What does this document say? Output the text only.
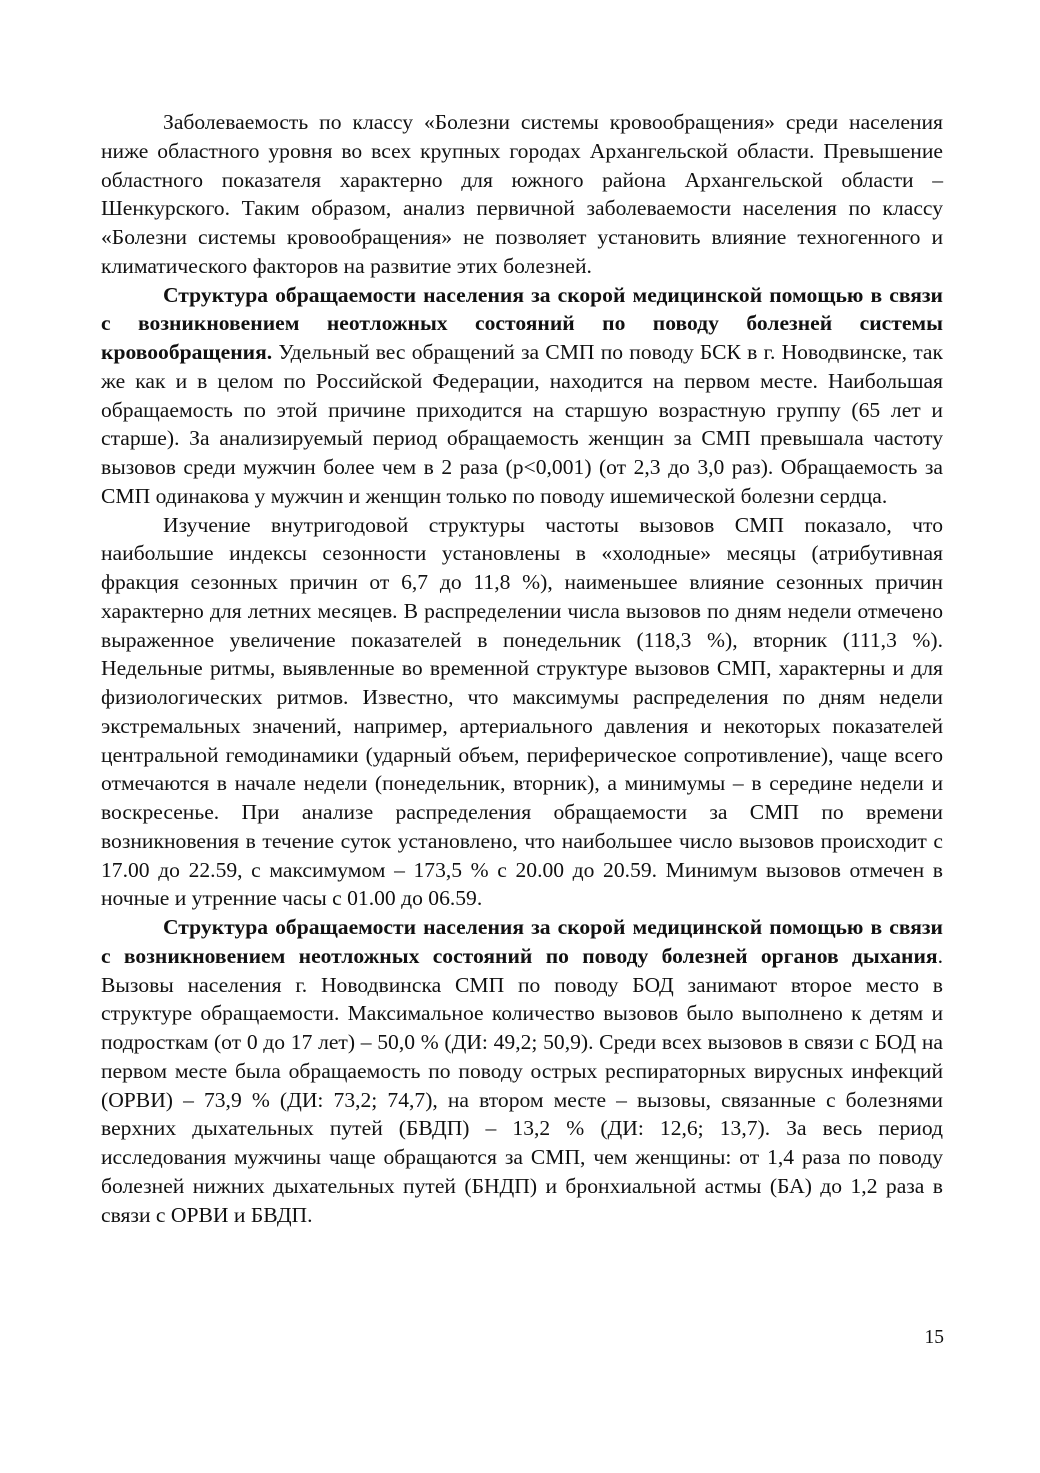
Заболеваемость по классу «Болезни системы кровообращения» среди населения ниже областного уровня во всех крупных городах Архангельской области. Превышение областного показателя характерно для южного района Архангельской области – Шенкурского. Таким образом, анализ первичной заболеваемости населения по классу «Болезни системы кровообращения» не позволяет установить влияние техногенного и климатического факторов на развитие этих болезней.

Структура обращаемости населения за скорой медицинской помощью в связи с возникновением неотложных состояний по поводу болезней системы кровообращения. Удельный вес обращений за СМП по поводу БСК в г. Новодвинске, так же как и в целом по Российской Федерации, находится на первом месте. Наибольшая обращаемость по этой причине приходится на старшую возрастную группу (65 лет и старше). За анализируемый период обращаемость женщин за СМП превышала частоту вызовов среди мужчин более чем в 2 раза (р<0,001) (от 2,3 до 3,0 раз). Обращаемость за СМП одинакова у мужчин и женщин только по поводу ишемической болезни сердца.

Изучение внутригодовой структуры частоты вызовов СМП показало, что наибольшие индексы сезонности установлены в «холодные» месяцы (атрибутивная фракция сезонных причин от 6,7 до 11,8 %), наименьшее влияние сезонных причин характерно для летних месяцев. В распределении числа вызовов по дням недели отмечено выраженное увеличение показателей в понедельник (118,3 %), вторник (111,3 %). Недельные ритмы, выявленные во временной структуре вызовов СМП, характерны и для физиологических ритмов. Известно, что максимумы распределения по дням недели экстремальных значений, например, артериального давления и некоторых показателей центральной гемодинамики (ударный объем, периферическое сопротивление), чаще всего отмечаются в начале недели (понедельник, вторник), а минимумы – в середине недели и воскресенье. При анализе распределения обращаемости за СМП по времени возникновения в течение суток установлено, что наибольшее число вызовов происходит с 17.00 до 22.59, с максимумом – 173,5 % с 20.00 до 20.59. Минимум вызовов отмечен в ночные и утренние часы с 01.00 до 06.59.

Структура обращаемости населения за скорой медицинской помощью в связи с возникновением неотложных состояний по поводу болезней органов дыхания. Вызовы населения г. Новодвинска СМП по поводу БОД занимают второе место в структуре обращаемости. Максимальное количество вызовов было выполнено к детям и подросткам (от 0 до 17 лет) – 50,0 % (ДИ: 49,2; 50,9). Среди всех вызовов в связи с БОД на первом месте была обращаемость по поводу острых респираторных вирусных инфекций (ОРВИ) – 73,9 % (ДИ: 73,2; 74,7), на втором месте – вызовы, связанные с болезнями верхних дыхательных путей (БВДП) – 13,2 % (ДИ: 12,6; 13,7). За весь период исследования мужчины чаще обращаются за СМП, чем женщины: от 1,4 раза по поводу болезней нижних дыхательных путей (БНДП) и бронхиальной астмы (БА) до 1,2 раза в связи с ОРВИ и БВДП.

15
